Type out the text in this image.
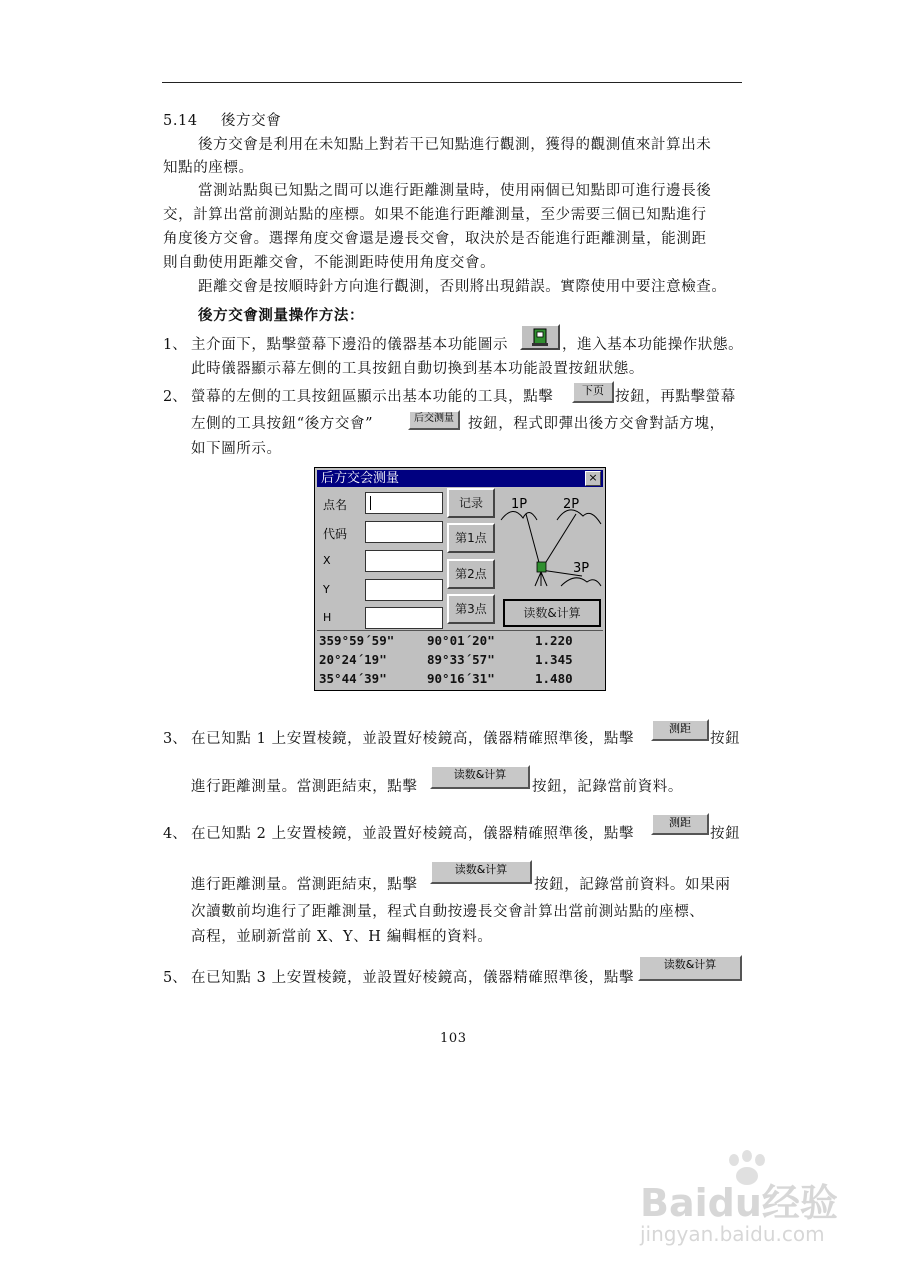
5.14 後方交會
後方交會是利用在未知點上對若干已知點進行觀測，獲得的觀測值來計算出未
知點的座標。
當測站點與已知點之間可以進行距離測量時，使用兩個已知點即可進行邊長後
交，計算出當前測站點的座標。如果不能進行距離測量，至少需要三個已知點進行
角度後方交會。選擇角度交會還是邊長交會，取決於是否能進行距離測量，能測距
則自動使用距離交會，不能測距時使用角度交會。
距離交會是按順時針方向進行觀測，否則將出現錯誤。實際使用中要注意檢查。
後方交會測量操作方法：
1、 主介面下，點擊螢幕下邊沿的儀器基本功能圖示	，進入基本功能操作狀態。
此時儀器顯示幕左側的工具按鈕自動切換到基本功能設置按鈕狀態。
2、 螢幕的左側的工具按鈕區顯示出基本功能的工具，點擊	下页 按鈕，再點擊螢幕
左側的工具按鈕“後方交會”	后交测量 按鈕，程式即彈出後方交會對話方塊，
如下圖所示。
后方交会测量	×
点名
代码
X
Y
H
记录
第1点
第2点
第3点
1P	2P
3P
读数&计算
359°59´59"	90°01´20"	1.220
20°24´19"	89°33´57"	1.345
35°44´39"	90°16´31"	1.480
3、 在已知點 1 上安置棱鏡，並設置好棱鏡高，儀器精確照準後，點擊
测距
按鈕
進行距離測量。當測距結束，點擊
读数&计算
按鈕，記錄當前資料。
4、 在已知點 2 上安置棱鏡，並設置好棱鏡高，儀器精確照準後，點擊
测距
按鈕
進行距離測量。當測距結束，點擊
读数&计算
按鈕，記錄當前資料。如果兩
次讀數前均進行了距離測量，程式自動按邊長交會計算出當前測站點的座標、
高程，並刷新當前 X、Y、H 編輯框的資料。
5、 在已知點 3 上安置棱鏡，並設置好棱鏡高，儀器精確照準後，點擊
读数&计算
103
Baidu经验
jingyan.baidu.com
